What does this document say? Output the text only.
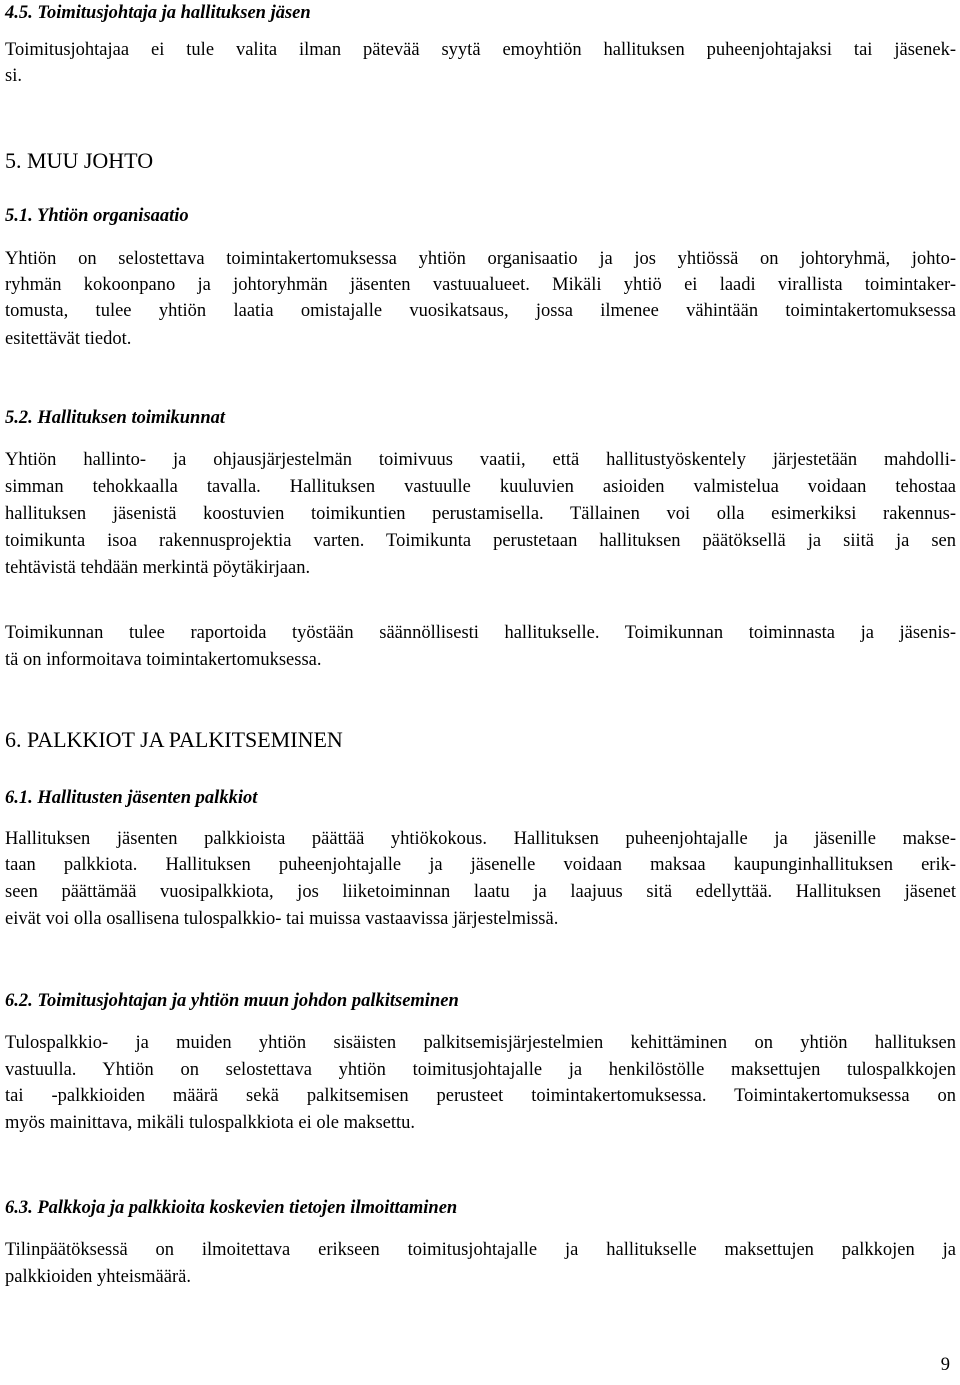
4.5. Toimitusjohtaja ja hallituksen jäsen
Toimitusjohtajaa ei tule valita ilman pätevää syytä emoyhtiön hallituksen puheenjohtajaksi tai jäsenek-
si.
5. MUU JOHTO
5.1. Yhtiön organisaatio
Yhtiön on selostettava toimintakertomuksessa yhtiön organisaatio ja jos yhtiössä on johtoryhmä, johto-
ryhmän kokoonpano ja johtoryhmän jäsenten vastuualueet. Mikäli yhtiö ei laadi virallista toimintaker-
tomusta, tulee yhtiön laatia omistajalle vuosikatsaus, jossa ilmenee vähintään toimintakertomuksessa
esitettävät tiedot.
5.2. Hallituksen toimikunnat
Yhtiön hallinto- ja ohjausjärjestelmän toimivuus vaatii, että hallitustyöskentely järjestetään mahdolli-
simman tehokkaalla tavalla. Hallituksen vastuulle kuuluvien asioiden valmistelua voidaan tehostaa
hallituksen jäsenistä koostuvien toimikuntien perustamisella. Tällainen voi olla esimerkiksi rakennus-
toimikunta isoa rakennusprojektia varten. Toimikunta perustetaan hallituksen päätöksellä ja siitä ja sen
tehtävistä tehdään merkintä pöytäkirjaan.
Toimikunnan tulee raportoida työstään säännöllisesti hallitukselle. Toimikunnan toiminnasta ja jäsenis-
tä on informoitava toimintakertomuksessa.
6. PALKKIOT JA PALKITSEMINEN
6.1. Hallitusten jäsenten palkkiot
Hallituksen jäsenten palkkioista päättää yhtiökokous. Hallituksen puheenjohtajalle ja jäsenille makse-
taan palkkiota. Hallituksen puheenjohtajalle ja jäsenelle voidaan maksaa kaupunginhallituksen erik-
seen päättämää vuosipalkkiota, jos liiketoiminnan laatu ja laajuus sitä edellyttää. Hallituksen jäsenet
eivät voi olla osallisena tulospalkkio- tai muissa vastaavissa järjestelmissä.
6.2. Toimitusjohtajan ja yhtiön muun johdon palkitseminen
Tulospalkkio- ja muiden yhtiön sisäisten palkitsemisjärjestelmien kehittäminen on yhtiön hallituksen
vastuulla. Yhtiön on selostettava yhtiön toimitusjohtajalle ja henkilöstölle maksettujen tulospalkkojen
tai -palkkioiden määrä sekä palkitsemisen perusteet toimintakertomuksessa. Toimintakertomuksessa on
myös mainittava, mikäli tulospalkkiota ei ole maksettu.
6.3. Palkkoja ja palkkioita koskevien tietojen ilmoittaminen
Tilinpäätöksessä on ilmoitettava erikseen toimitusjohtajalle ja hallitukselle maksettujen palkkojen ja
palkkioiden yhteismäärä.
9
